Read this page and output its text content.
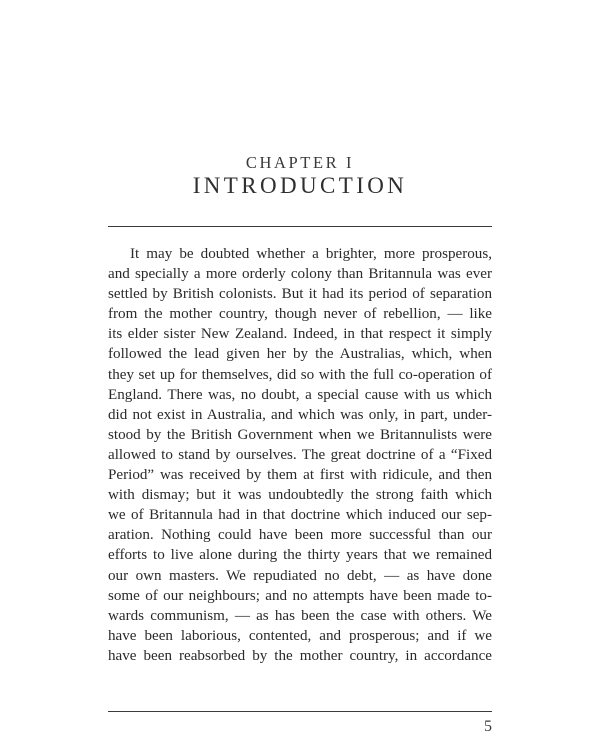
CHAPTER I
INTRODUCTION
It may be doubted whether a brighter, more prosperous,
and specially a more orderly colony than Britannula was ever
settled by British colonists. But it had its period of separation
from the mother country, though never of rebellion, — like
its elder sister New Zealand. Indeed, in that respect it simply
followed the lead given her by the Australias, which, when
they set up for themselves, did so with the full co-operation of
England. There was, no doubt, a special cause with us which
did not exist in Australia, and which was only, in part, under-
stood by the British Government when we Britannulists were
allowed to stand by ourselves. The great doctrine of a “Fixed
Period” was received by them at first with ridicule, and then
with dismay; but it was undoubtedly the strong faith which
we of Britannula had in that doctrine which induced our sep-
aration. Nothing could have been more successful than our
efforts to live alone during the thirty years that we remained
our own masters. We repudiated no debt, — as have done
some of our neighbours; and no attempts have been made to-
wards communism, — as has been the case with others. We
have been laborious, contented, and prosperous; and if we
have been reabsorbed by the mother country, in accordance
5
